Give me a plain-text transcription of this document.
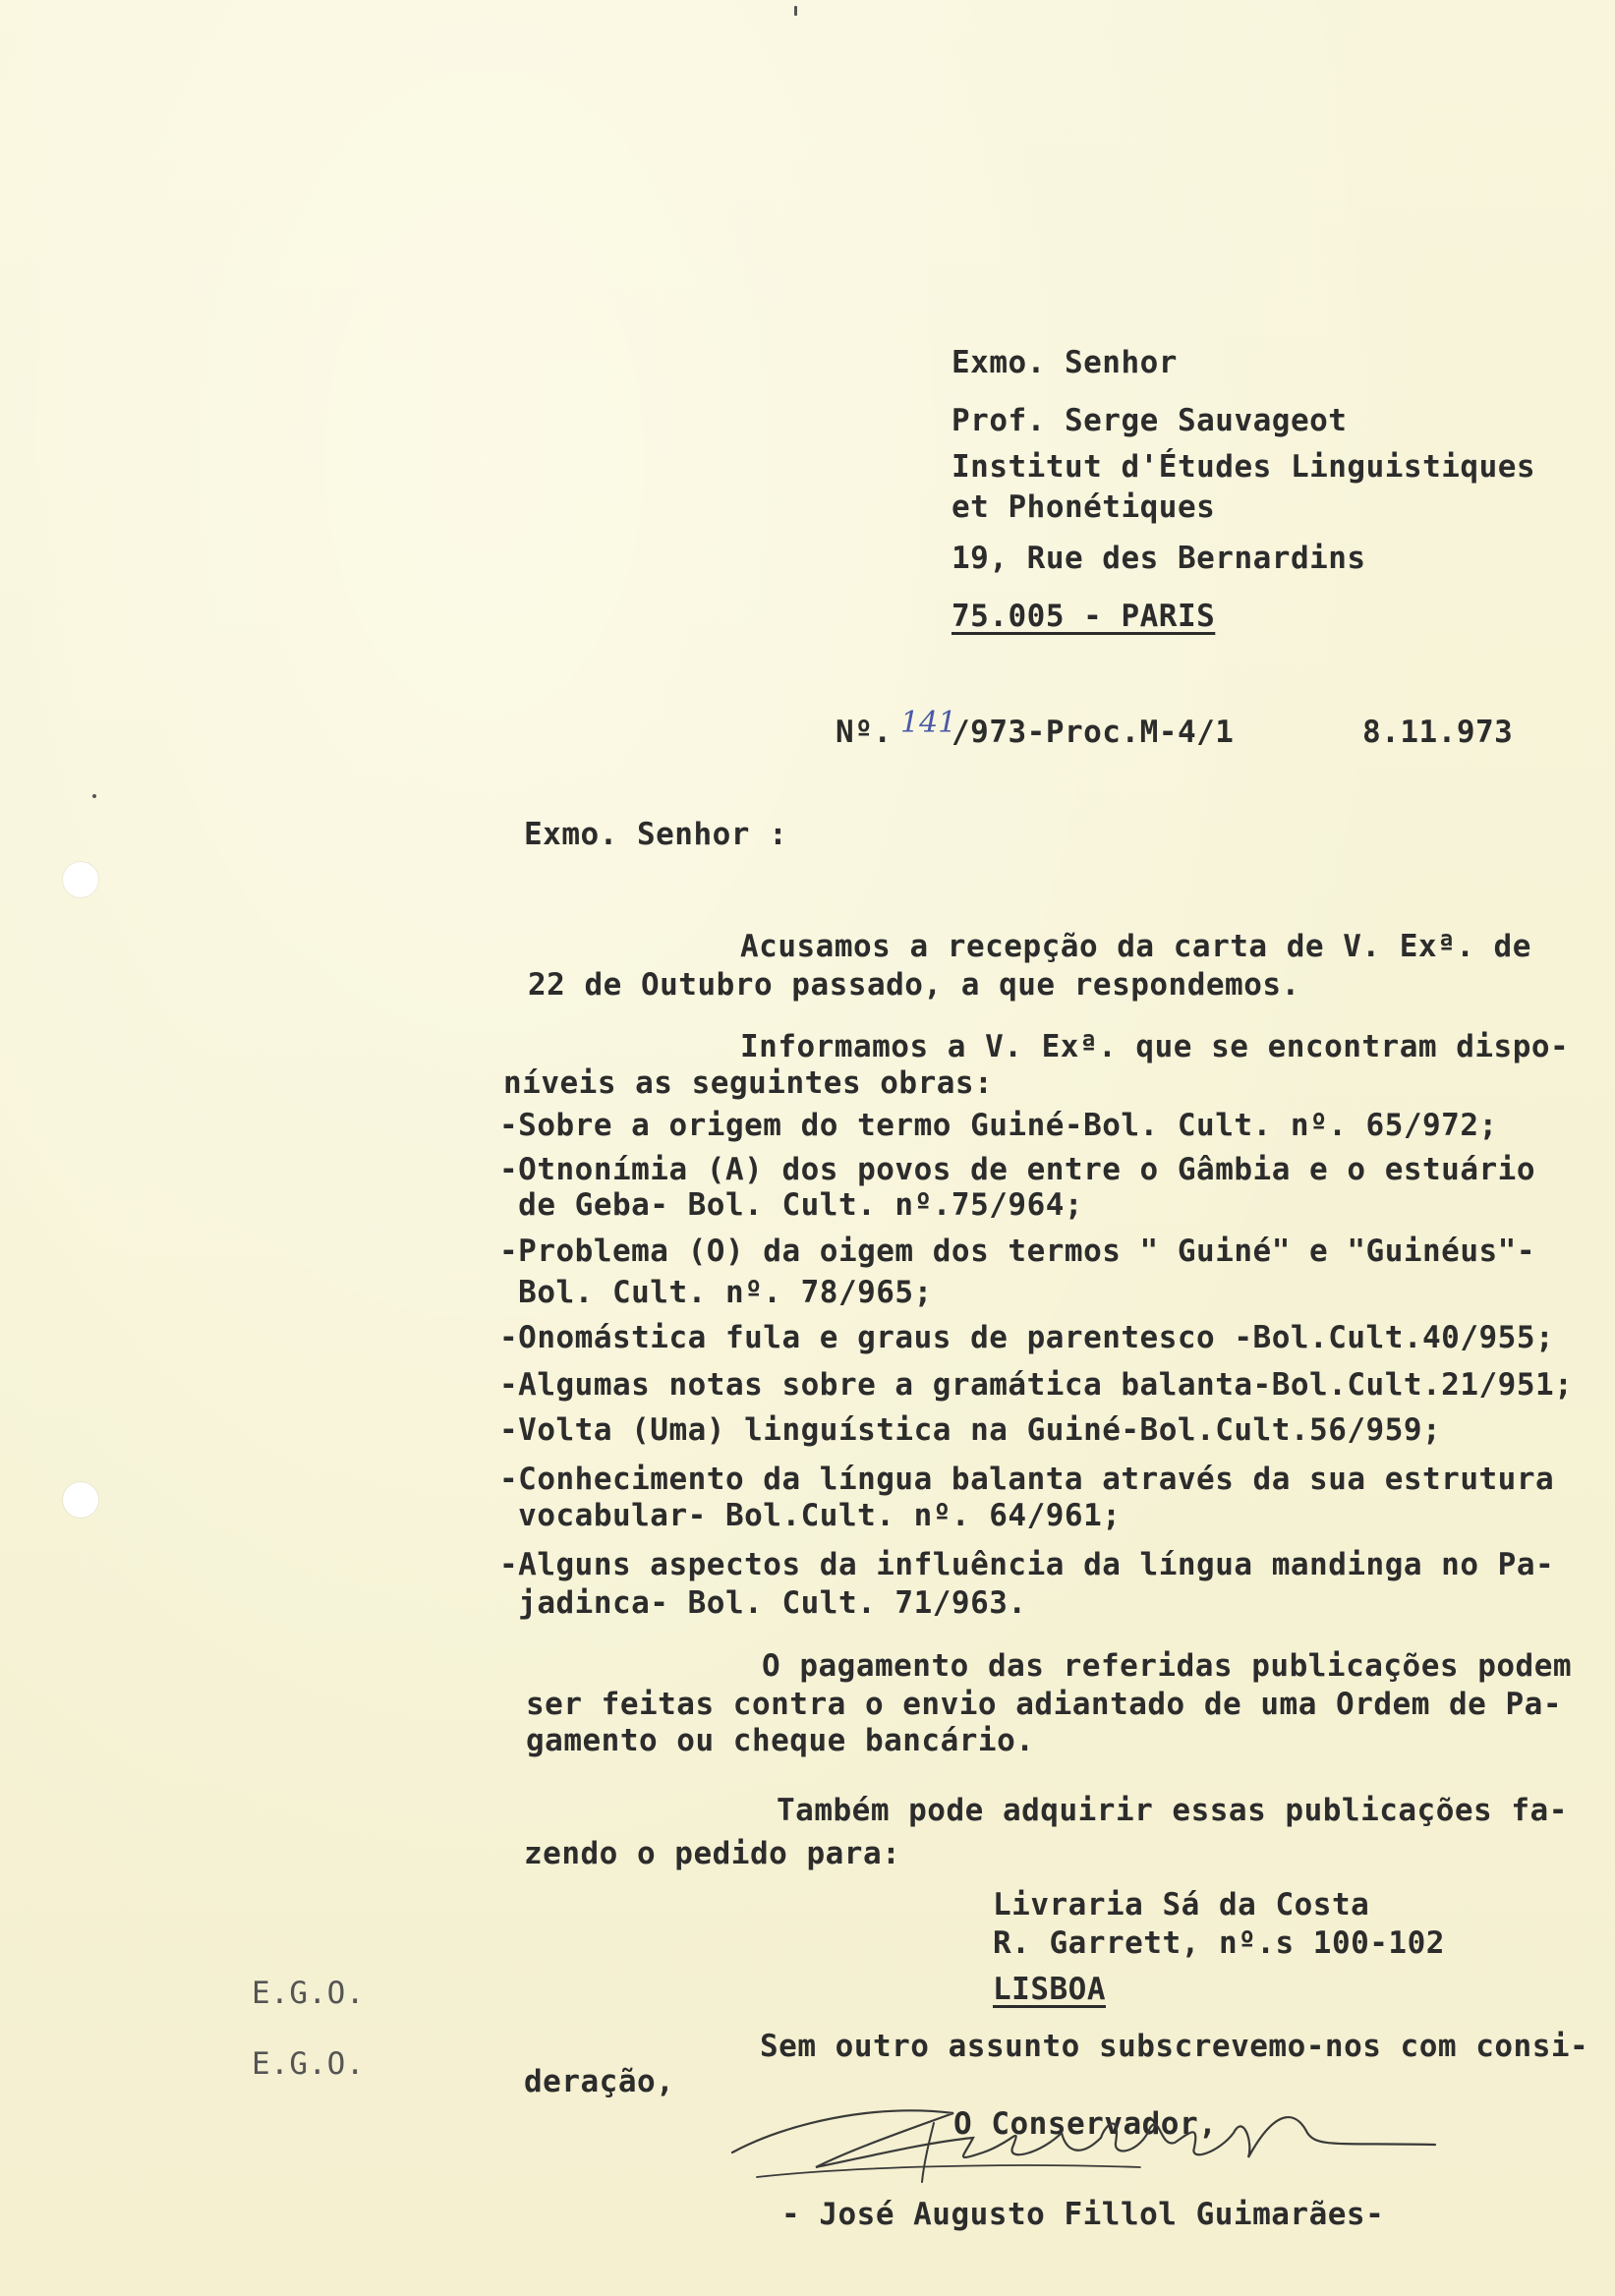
Exmo. Senhor
Prof. Serge Sauvageot
Institut d'Études Linguistiques
et Phonétiques
19, Rue des Bernardins
75.005 - PARIS
Nº. 141
/973-Proc.M-4/1	8.11.973
Exmo. Senhor :
Acusamos a recepção da carta de V. Exª. de
22 de Outubro passado, a que respondemos.
Informamos a V. Exª. que se encontram dispo-
níveis as seguintes obras:
-Sobre a origem do termo Guiné-Bol. Cult. nº. 65/972;
-Otnonímia (A) dos povos de entre o Gâmbia e o estuário
de Geba- Bol. Cult. nº.75/964;
-Problema (O) da oigem dos termos " Guiné" e "Guinéus"-
Bol. Cult. nº. 78/965;
-Onomástica fula e graus de parentesco -Bol.Cult.40/955;
-Algumas notas sobre a gramática balanta-Bol.Cult.21/951;
-Volta (Uma) linguística na Guiné-Bol.Cult.56/959;
-Conhecimento da língua balanta através da sua estrutura
vocabular- Bol.Cult. nº. 64/961;
-Alguns aspectos da influência da língua mandinga no Pa-
jadinca- Bol. Cult. 71/963.
O pagamento das referidas publicações podem
ser feitas contra o envio adiantado de uma Ordem de Pa-
gamento ou cheque bancário.
Também pode adquirir essas publicações fa-
zendo o pedido para:
Livraria Sá da Costa
R. Garrett, nº.s 100-102
LISBOA
E.G.O.
E.G.O.	Sem outro assunto subscrevemo-nos com consi-
deração,
O Conservador,
- José Augusto Fillol Guimarães-
